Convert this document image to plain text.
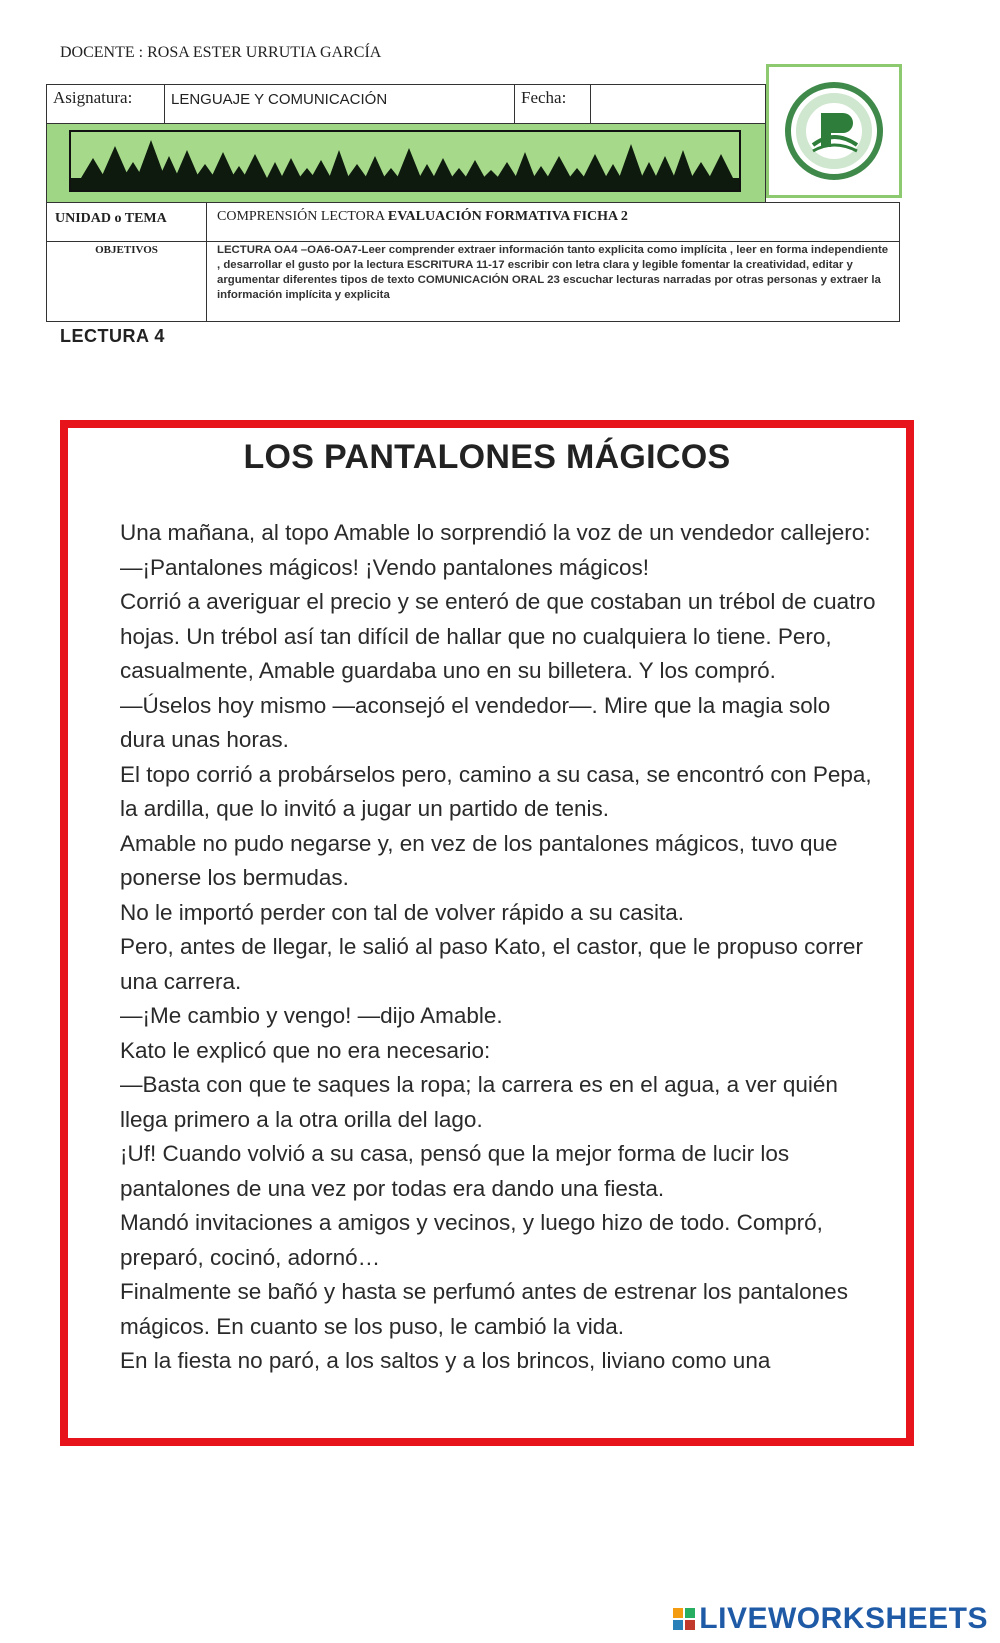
DOCENTE : ROSA ESTER URRUTIA GARCÍA
Asignatura:	LENGUAJE Y COMUNICACIÓN	Fecha:
UNIDAD o TEMA	COMPRENSIÓN LECTORA EVALUACIÓN FORMATIVA FICHA 2
OBJETIVOS	LECTURA OA4 –OA6-OA7-Leer comprender extraer información tanto explicita como implícita , leer en forma independiente , desarrollar el gusto por la lectura ESCRITURA 11-17 escribir con letra clara y legible fomentar la creatividad, editar y argumentar diferentes tipos de texto COMUNICACIÓN ORAL 23 escuchar lecturas narradas por otras personas y extraer la información implícita y explicita
LECTURA 4
LOS PANTALONES MÁGICOS

Una mañana, al topo Amable lo sorprendió la voz de un vendedor callejero:

—¡Pantalones mágicos! ¡Vendo pantalones mágicos!

Corrió a averiguar el precio y se enteró de que costaban un trébol de cuatro hojas. Un trébol así tan difícil de hallar que no cualquiera lo tiene. Pero, casualmente, Amable guardaba uno en su billetera. Y los compró.

—Úselos hoy mismo —aconsejó el vendedor—. Mire que la magia solo dura unas horas.

El topo corrió a probárselos pero, camino a su casa, se encontró con Pepa, la ardilla, que lo invitó a jugar un partido de tenis.

Amable no pudo negarse y, en vez de los pantalones mágicos, tuvo que ponerse los bermudas.

No le importó perder con tal de volver rápido a su casita.

Pero, antes de llegar, le salió al paso Kato, el castor, que le propuso correr una carrera.

—¡Me cambio y vengo! —dijo Amable.

Kato le explicó que no era necesario:

—Basta con que te saques la ropa; la carrera es en el agua, a ver quién llega primero a la otra orilla del lago.

¡Uf! Cuando volvió a su casa, pensó que la mejor forma de lucir los pantalones de una vez por todas era dando una fiesta.

Mandó invitaciones a amigos y vecinos, y luego hizo de todo. Compró, preparó, cocinó, adornó…

Finalmente se bañó y hasta se perfumó antes de estrenar los pantalones mágicos. En cuanto se los puso, le cambió la vida.

En la fiesta no paró, a los saltos y a los brincos, liviano como una

LIVEWORKSHEETS
